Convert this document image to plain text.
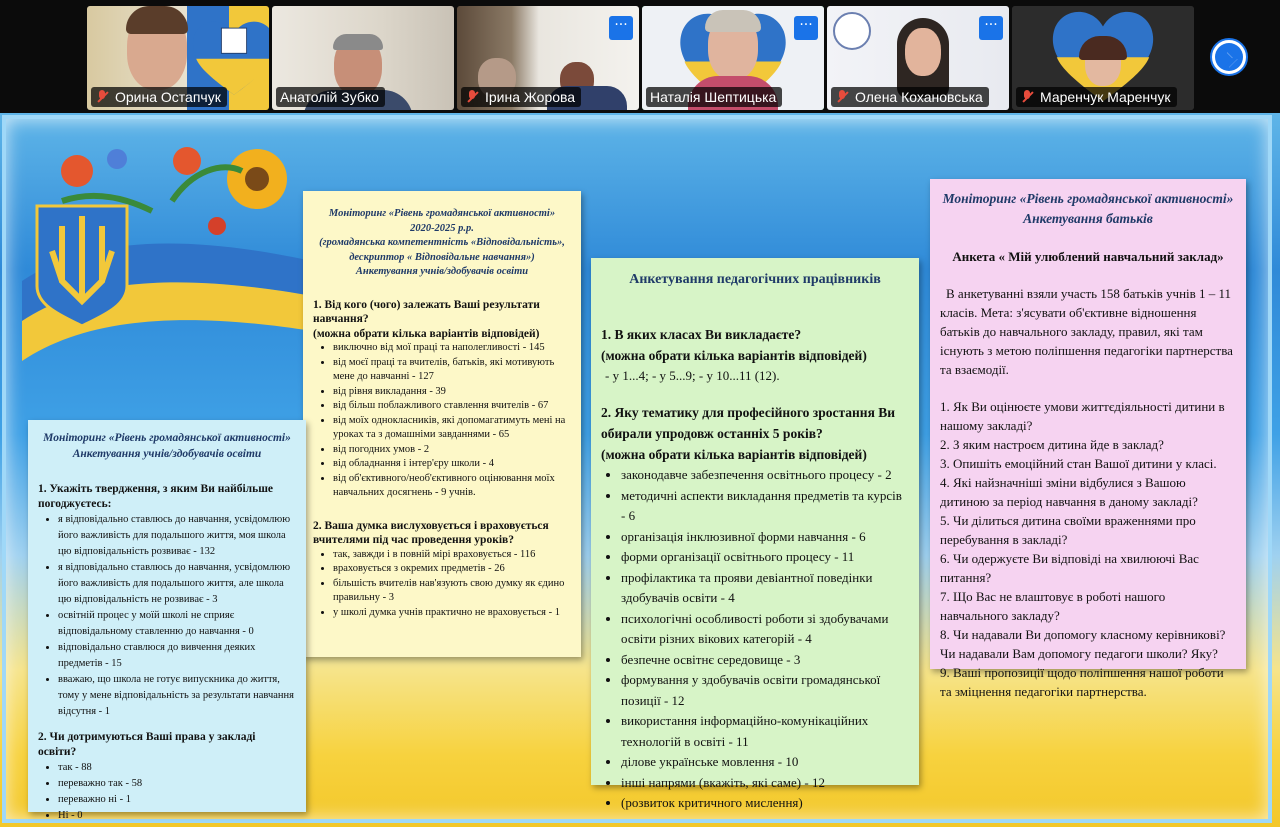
Орина Остапчук	Анатолій Зубко
···
Ірина Жорова
···
Наталія Шептицька
···
Олена Кохановська	Маренчук Маренчук
Моніторинг «Рівень громадянської активності»
2020-2025 р.р.
(громадянська компетентність «Відповідальність»,
дескриптор « Відповідальне навчання»)
Анкетування учнів/здобувачів освіти
1. Від кого (чого) залежать Ваші результати навчання?
(можна обрати кілька варіантів відповідей)
• виключно від мої праці та наполегливості - 145
• від моєї праці та вчителів, батьків, які мотивують мене до навчанні - 127
• від рівня викладання - 39
• від більш поблажливого ставлення вчителів - 67
• від моїх однокласників, які допомагатимуть мені на уроках та з домашніми завданнями - 65
• від погодних умов - 2
• від обладнання і інтер'єру школи - 4
• від об'єктивного/необ'єктивного оцінювання моїх навчальних досягнень - 9 учнів.
2. Ваша думка вислуховується і враховується вчителями під час проведення уроків?
• так, завжди і в повній мірі враховується - 116
• враховується з окремих предметів - 26
• більшість вчителів нав'язують свою думку як єдино правильну - 3
• у школі думка учнів практично не враховується - 1
Моніторинг «Рівень громадянської активності»
Анкетування учнів/здобувачів освіти
1. Укажіть твердження, з яким Ви найбільше погоджуєтесь:
• я відповідально ставлюсь до навчання, усвідомлюю його важливість для подальшого життя, моя школа цю відповідальність розвиває - 132
• я відповідально ставлюсь до навчання, усвідомлюю його важливість для подальшого життя, але школа цю відповідальність не розвиває - 3
• освітній процес у моїй школі не сприяє відповідальному ставленню до навчання - 0
• відповідально ставлюся до вивчення деяких предметів - 15
• вважаю, що школа не готує випускника до життя, тому у мене відповідальність за результати навчання відсутня - 1
2. Чи дотримуються Ваші права у закладі освіти?
• так - 88
• переважно так - 58
• переважно ні - 1
• Ні - 0
Анкетування педагогічних працівників
1. В яких класах Ви викладаєте?
(можна обрати кілька варіантів відповідей)
- у 1...4; - у 5...9; - у 10...11 (12).
2. Яку тематику для професійного зростання Ви обирали упродовж останніх 5 років?
(можна обрати кілька варіантів відповідей)
• законодавче забезпечення освітнього процесу - 2
• методичні аспекти викладання предметів та курсів - 6
• організація інклюзивної форми навчання - 6
• форми організації освітнього процесу - 11
• профілактика та прояви девіантної поведінки здобувачів освіти - 4
• психологічні особливості роботи зі здобувачами освіти різних вікових категорій - 4
• безпечне освітнє середовище - 3
• формування у здобувачів освіти громадянської позиції - 12
• використання інформаційно-комунікаційних технологій в освіті - 11
• ділове українське мовлення - 10
• інші напрями (вкажіть, які саме) - 12
• (розвиток критичного мислення)
Моніторинг «Рівень громадянської активності»
Анкетування батьків
Анкета « Мій улюблений навчальний заклад»

В анкетуванні взяли участь 158 батьків учнів 1 – 11 класів. Мета: з'ясувати об'єктивне відношення батьків до навчального закладу, правил, які там існують з метою поліпшення педагогіки партнерства та взаємодії.

1. Як Ви оцінюєте умови життєдіяльності дитини в нашому закладі?

2. З яким настроєм дитина йде в заклад?

3. Опишіть емоційний стан Вашої дитини у класі.

4. Які найзначніші зміни відбулися з Вашою дитиною за період навчання в даному закладі?

5. Чи ділиться дитина своїми враженнями про перебування в закладі?

6. Чи одержуєте Ви відповіді на хвилюючі Вас питання?

7. Що Вас не влаштовує в роботі нашого навчального закладу?

8. Чи надавали Ви допомогу класному керівникові? Чи надавали Вам допомогу педагоги школи? Яку?

9. Ваші пропозиції щодо поліпшення нашої роботи та зміцнення педагогіки партнерства.
